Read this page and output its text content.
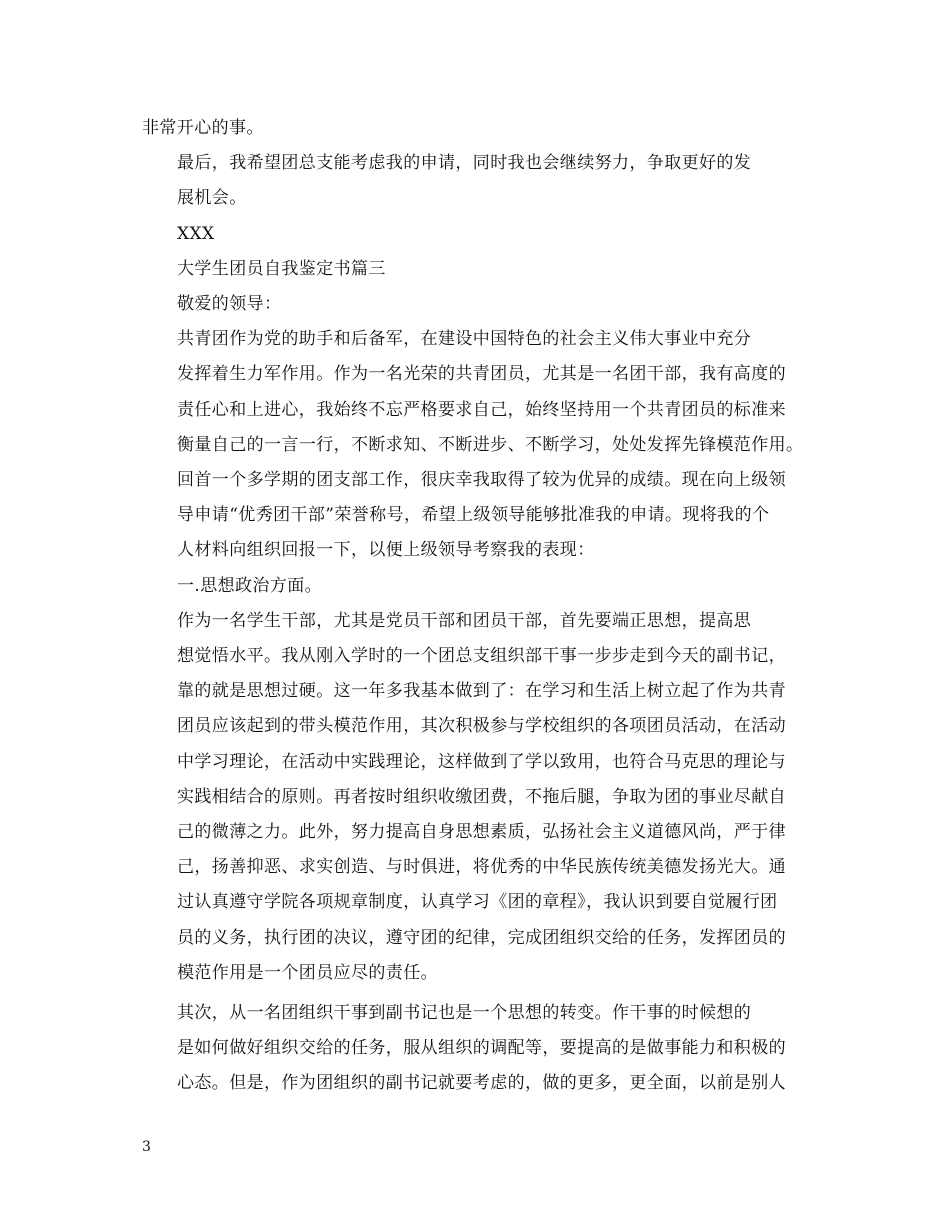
非常开心的事。

最后，我希望团总支能考虑我的申请，同时我也会继续努力，争取更好的发
展机会。

XXX

大学生团员自我鉴定书篇三

敬爱的领导：

共青团作为党的助手和后备军，在建设中国特色的社会主义伟大事业中充分
发挥着生力军作用。作为一名光荣的共青团员，尤其是一名团干部，我有高度的
责任心和上进心，我始终不忘严格要求自己，始终坚持用一个共青团员的标准来
衡量自己的一言一行，不断求知、不断进步、不断学习，处处发挥先锋模范作用。
回首一个多学期的团支部工作，很庆幸我取得了较为优异的成绩。现在向上级领
导申请“优秀团干部”荣誉称号，希望上级领导能够批准我的申请。现将我的个
人材料向组织回报一下，以便上级领导考察我的表现：

一.思想政治方面。

作为一名学生干部，尤其是党员干部和团员干部，首先要端正思想，提高思
想觉悟水平。我从刚入学时的一个团总支组织部干事一步步走到今天的副书记，
靠的就是思想过硬。这一年多我基本做到了：在学习和生活上树立起了作为共青
团员应该起到的带头模范作用，其次积极参与学校组织的各项团员活动，在活动
中学习理论，在活动中实践理论，这样做到了学以致用，也符合马克思的理论与
实践相结合的原则。再者按时组织收缴团费，不拖后腿，争取为团的事业尽献自
己的微薄之力。此外，努力提高自身思想素质，弘扬社会主义道德风尚，严于律
己，扬善抑恶、求实创造、与时俱进，将优秀的中华民族传统美德发扬光大。通
过认真遵守学院各项规章制度，认真学习《团的章程》，我认识到要自觉履行团
员的义务，执行团的决议，遵守团的纪律，完成团组织交给的任务，发挥团员的
模范作用是一个团员应尽的责任。

其次，从一名团组织干事到副书记也是一个思想的转变。作干事的时候想的
是如何做好组织交给的任务，服从组织的调配等，要提高的是做事能力和积极的
心态。但是，作为团组织的副书记就要考虑的，做的更多，更全面，以前是别人

3
